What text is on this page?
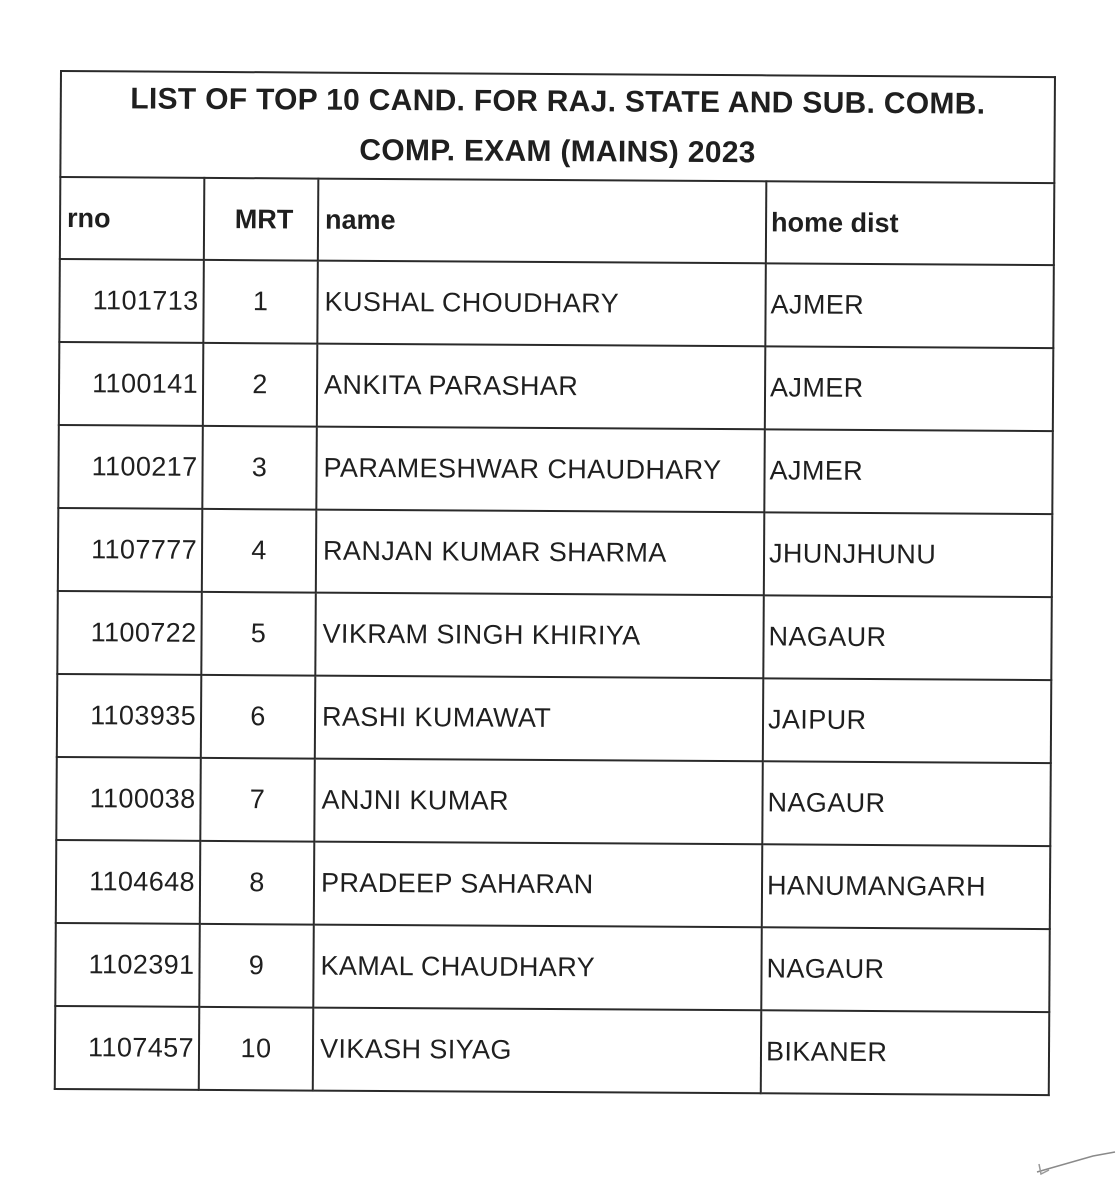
LIST OF TOP 10 CAND. FOR RAJ. STATE AND SUB. COMB.
COMP. EXAM (MAINS) 2023			

rno	MRT	name	home dist
1101713	1	KUSHAL CHOUDHARY	AJMER
1100141	2	ANKITA PARASHAR	AJMER
1100217	3	PARAMESHWAR CHAUDHARY	AJMER
1107777	4	RANJAN KUMAR SHARMA	JHUNJHUNU
1100722	5	VIKRAM SINGH KHIRIYA	NAGAUR
1103935	6	RASHI KUMAWAT	JAIPUR
1100038	7	ANJNI KUMAR	NAGAUR
1104648	8	PRADEEP SAHARAN	HANUMANGARH
1102391	9	KAMAL CHAUDHARY	NAGAUR
1107457	10	VIKASH SIYAG	BIKANER
